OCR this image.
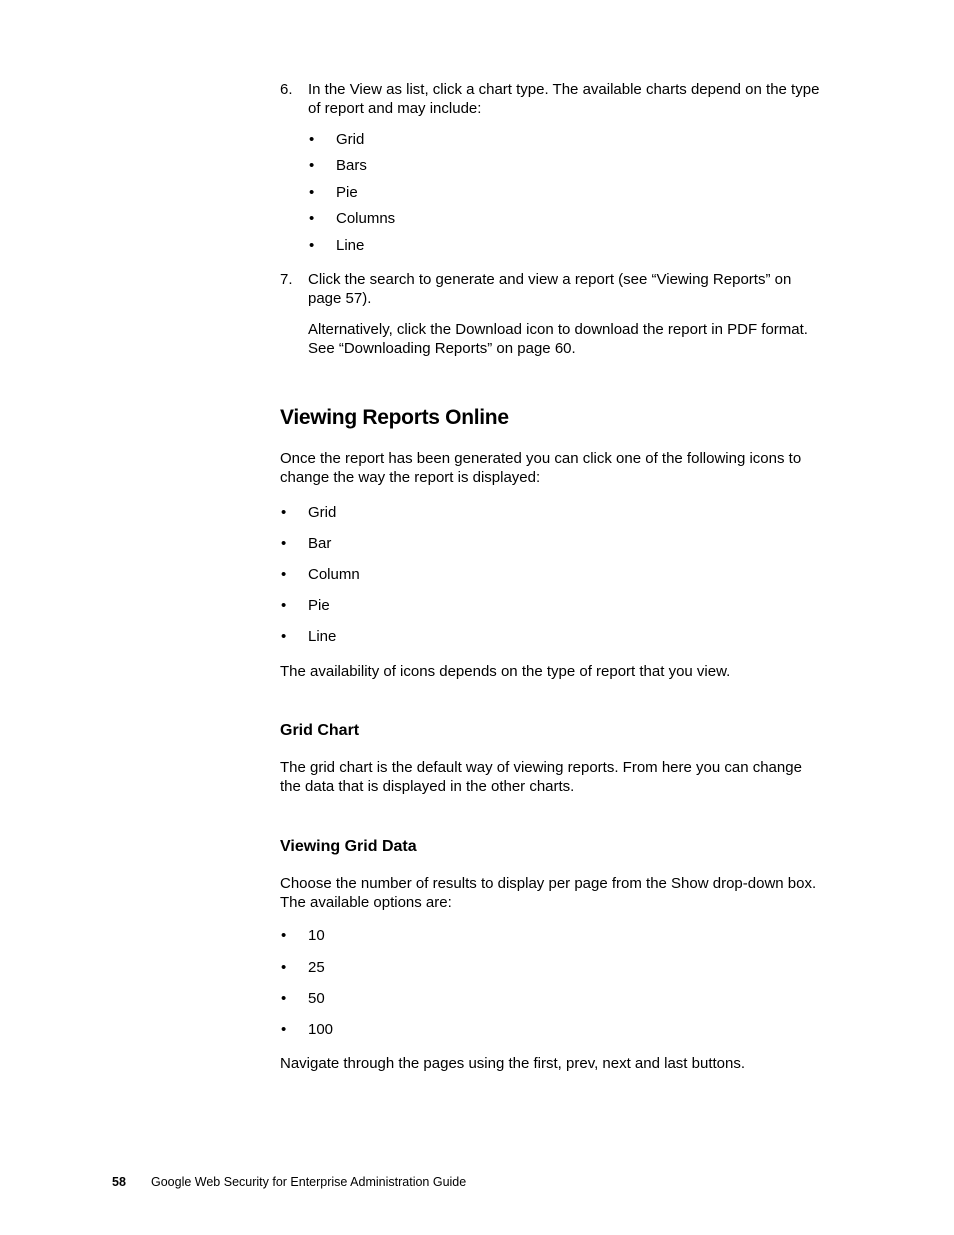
6. In the View as list, click a chart type. The available charts depend on the type
of report and may include:
• Grid
• Bars
• Pie
• Columns
• Line
7. Click the search to generate and view a report (see “Viewing Reports” on
page 57).
Alternatively, click the Download icon to download the report in PDF format.
See “Downloading Reports” on page 60.
Viewing Reports Online
Once the report has been generated you can click one of the following icons to
change the way the report is displayed:
• Grid
• Bar
• Column
• Pie
• Line
The availability of icons depends on the type of report that you view.
Grid Chart
The grid chart is the default way of viewing reports. From here you can change
the data that is displayed in the other charts.
Viewing Grid Data
Choose the number of results to display per page from the Show drop-down box.
The available options are:
• 10
• 25
• 50
• 100
Navigate through the pages using the first, prev, next and last buttons.
58 Google Web Security for Enterprise Administration Guide
